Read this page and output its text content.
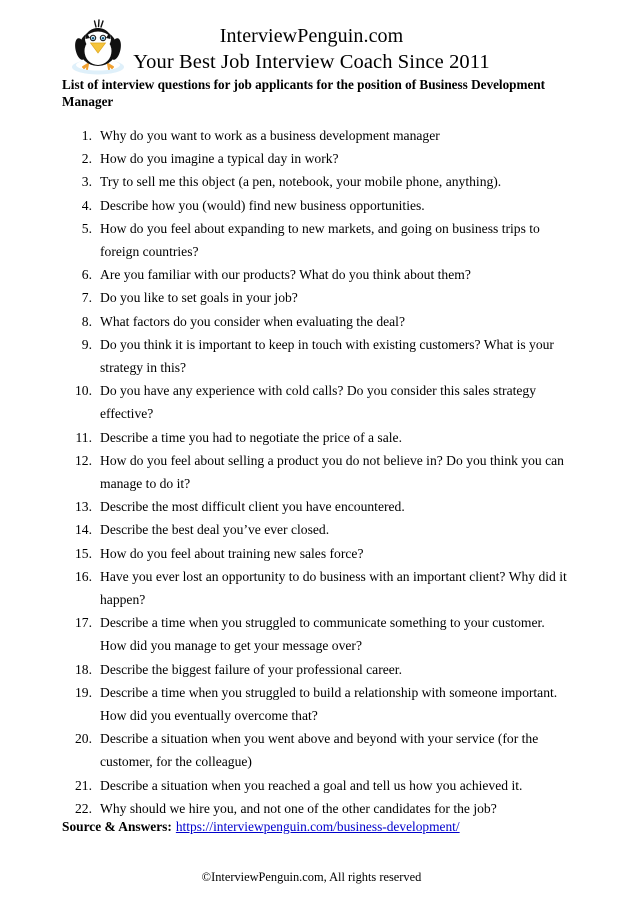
InterviewPenguin.com
Your Best Job Interview Coach Since 2011
List of interview questions for job applicants for the position of Business Development Manager
1. Why do you want to work as a business development manager
2. How do you imagine a typical day in work?
3. Try to sell me this object (a pen, notebook, your mobile phone, anything).
4. Describe how you (would) find new business opportunities.
5. How do you feel about expanding to new markets, and going on business trips to foreign countries?
6. Are you familiar with our products? What do you think about them?
7. Do you like to set goals in your job?
8. What factors do you consider when evaluating the deal?
9. Do you think it is important to keep in touch with existing customers? What is your strategy in this?
10. Do you have any experience with cold calls? Do you consider this sales strategy effective?
11. Describe a time you had to negotiate the price of a sale.
12. How do you feel about selling a product you do not believe in? Do you think you can manage to do it?
13. Describe the most difficult client you have encountered.
14. Describe the best deal you’ve ever closed.
15. How do you feel about training new sales force?
16. Have you ever lost an opportunity to do business with an important client? Why did it happen?
17. Describe a time when you struggled to communicate something to your customer. How did you manage to get your message over?
18. Describe the biggest failure of your professional career.
19. Describe a time when you struggled to build a relationship with someone important. How did you eventually overcome that?
20. Describe a situation when you went above and beyond with your service (for the customer, for the colleague)
21. Describe a situation when you reached a goal and tell us how you achieved it.
22. Why should we hire you, and not one of the other candidates for the job?
Source & Answers: https://interviewpenguin.com/business-development/
©InterviewPenguin.com, All rights reserved
